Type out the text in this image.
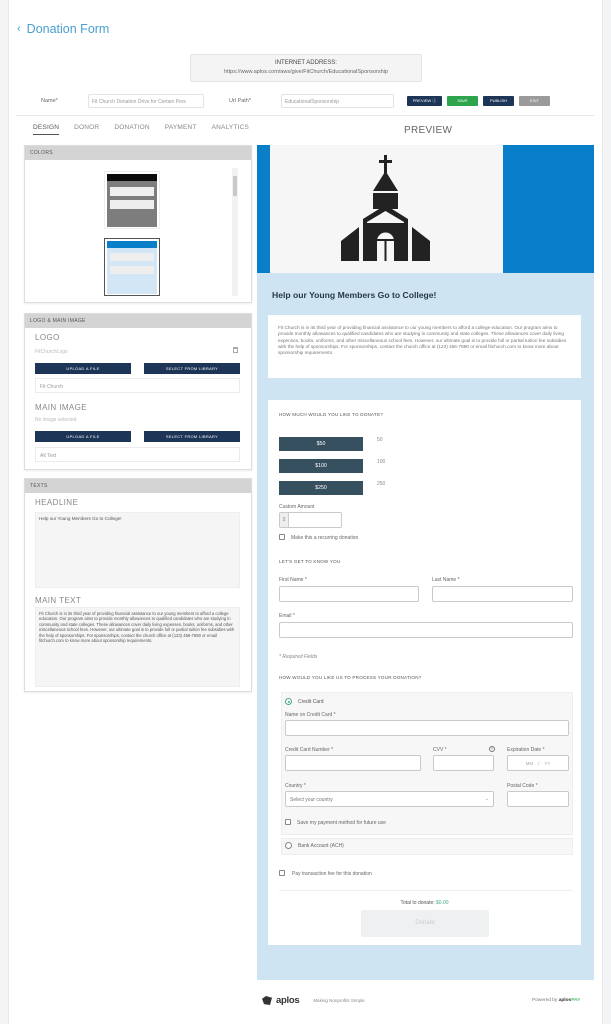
‹ Donation Form
INTERNET ADDRESS:
https://www.aplos.com/aws/give/FitChurch/EducationalSponsorship
Name*	Fit Church Donation Drive for Certain Pers	Url Path*	EducationalSponsorship	PREVIEW ⓘ	SAVE	PUBLISH	EXIT
DESIGN DONOR DONATION PAYMENT ANALYTICS	PREVIEW
COLORS
LOGO & MAIN IMAGE
LOGO
FitChurchLogo
UPLOAD A FILE	SELECT FROM LIBRARY
Fit Church
MAIN IMAGE
No image selected
UPLOAD A FILE	SELECT FROM LIBRARY
Alt Text
TEXTS
HEADLINE
Help our Young Members Go to College!
MAIN TEXT
Fit Church is in its third year of providing financial assistance to our young members to afford a college education. Our program aims to provide monthly allowances to qualified candidates who are studying in community and state colleges. These allowances cover daily living expenses, books, uniforms, and other miscellaneous school fees. However, our ultimate goal is to provide full or partial tuition fee subsidies with the help of sponsorships. For sponsorships, contact the church office at (123) 456-7890 or email fitchurch.com to know more about sponsorship requirements.
Help our Young Members Go to College!
Fit Church is in its third year of providing financial assistance to our young members to afford a college education. Our program aims to provide monthly allowances to qualified candidates who are studying in community and state colleges. These allowances cover daily living expenses, books, uniforms, and other miscellaneous school fees. However, our ultimate goal is to provide full or partial tuition fee subsidies with the help of sponsorships. For sponsorships, contact the church office at (123) 456-7890 or email fitchurch.com to know more about sponsorship requirements.
HOW MUCH WOULD YOU LIKE TO DONATE?
$50
50
$100
100
$250
250
Custom Amount
$
Make this a recurring donation
LET'S GET TO KNOW YOU
First Name *	Last Name *
Email *
* Required Fields
HOW WOULD YOU LIKE US TO PROCESS YOUR DONATION?
Credit Card
Name on Credit Card *
Credit Card Number *	CVV *	?	Expiration Date *
MM / YY
Country *
Select your country	⌄
Postal Code *
Save my payment method for future use
Bank Account (ACH)
Pay transaction fee for this donation
Total to donate: $0.00
Donate
aplos	Making Nonprofits Simple	Powered by aplosPAY
